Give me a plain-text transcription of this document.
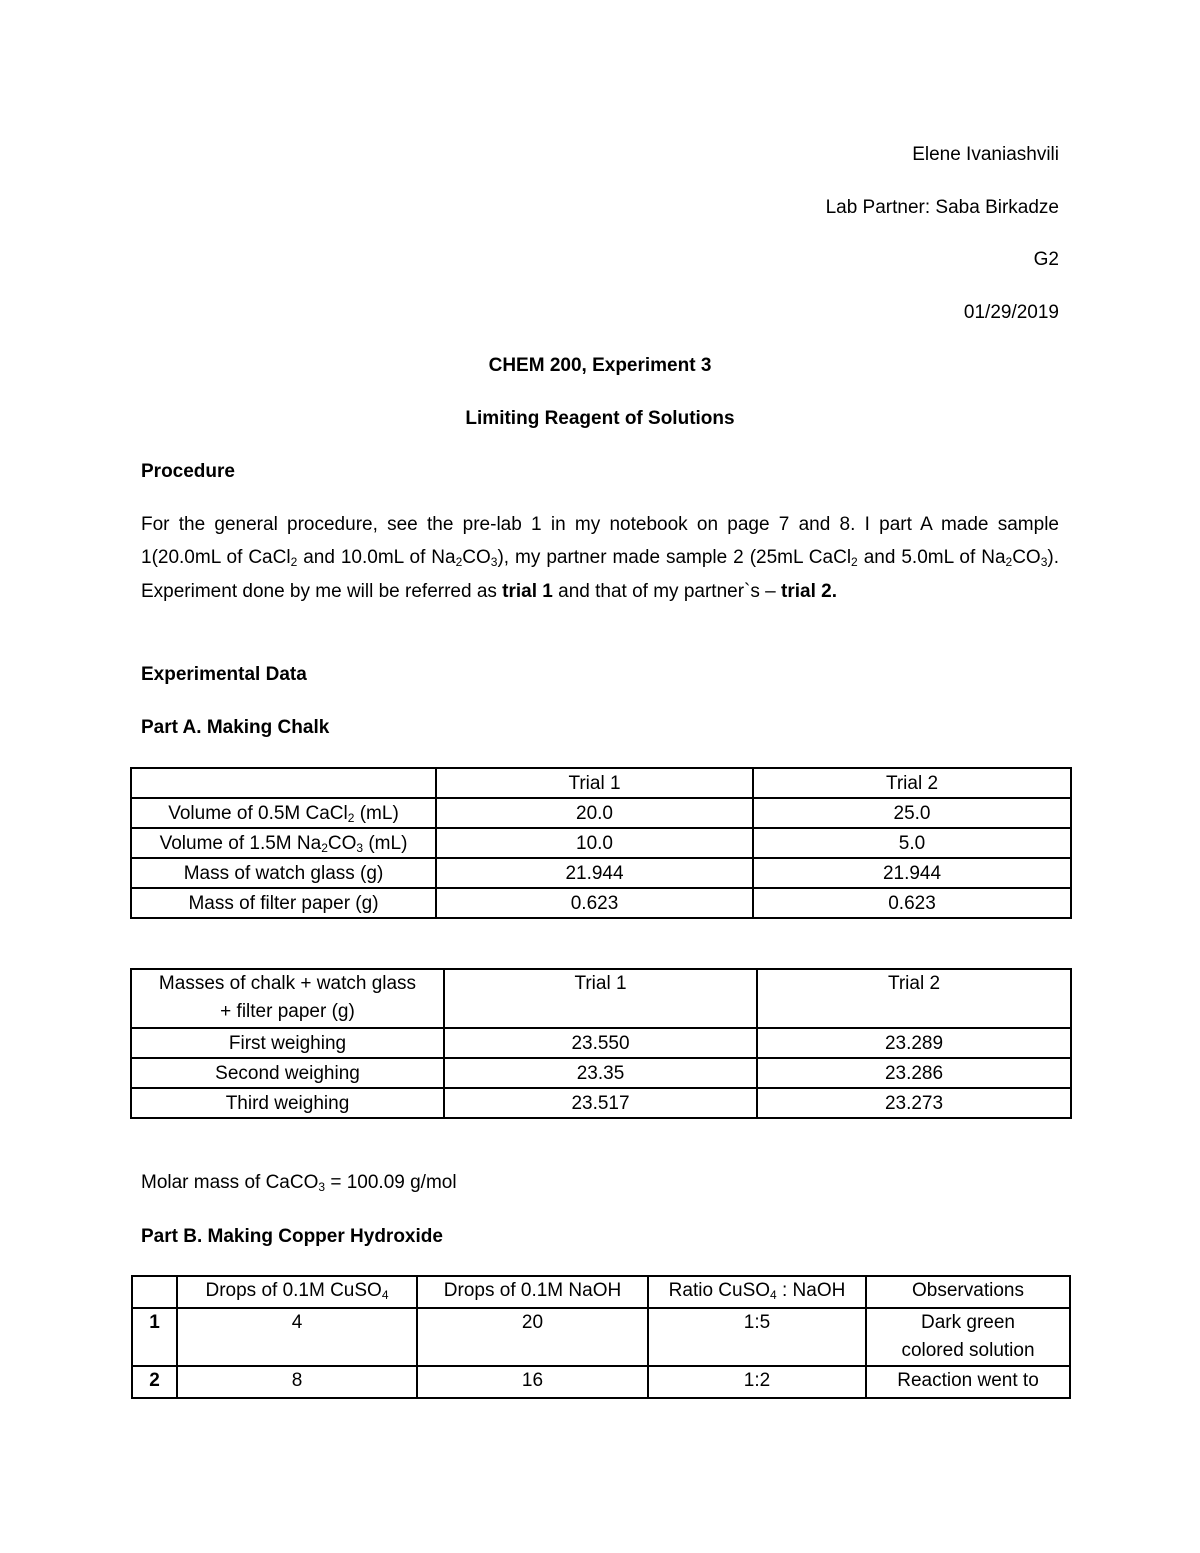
Elene Ivaniashvili
Lab Partner: Saba Birkadze
G2
01/29/2019
CHEM 200, Experiment 3
Limiting Reagent of Solutions
Procedure
For the general procedure, see the pre-lab 1 in my notebook on page 7 and 8. I part A made sample 1(20.0mL of CaCl$_2$ and 10.0mL of $Na_2CO_3$), my partner made sample 2 (25mL CaCl$_2$ and 5.0mL of $Na_2CO_3$). Experiment done by me will be referred as trial 1 and that of my partner`s – trial 2.
Experimental Data
Part A. Making Chalk
	Trial 1	Trial 2
Volume of 0.5M CaCl$_2$ (mL)	20.0	25.0
Volume of 1.5M $Na_2CO_3$ (mL)	10.0	5.0
Mass of watch glass (g)	21.944	21.944
Mass of filter paper (g)	0.623	0.623
Masses of chalk + watch glass
+ filter paper (g)	Trial 1	Trial 2
First weighing	23.550	23.289
Second weighing	23.35	23.286
Third weighing	23.517	23.273
Molar mass of CaCO$_3$ = 100.09 g/mol
Part B. Making Copper Hydroxide
	Drops of 0.1M CuSO$_4$	Drops of 0.1M NaOH	Ratio CuSO$_4$ : NaOH	Observations
1	4	20	1:5	Dark green
colored solution

2	8	16	1:2	Reaction went to
